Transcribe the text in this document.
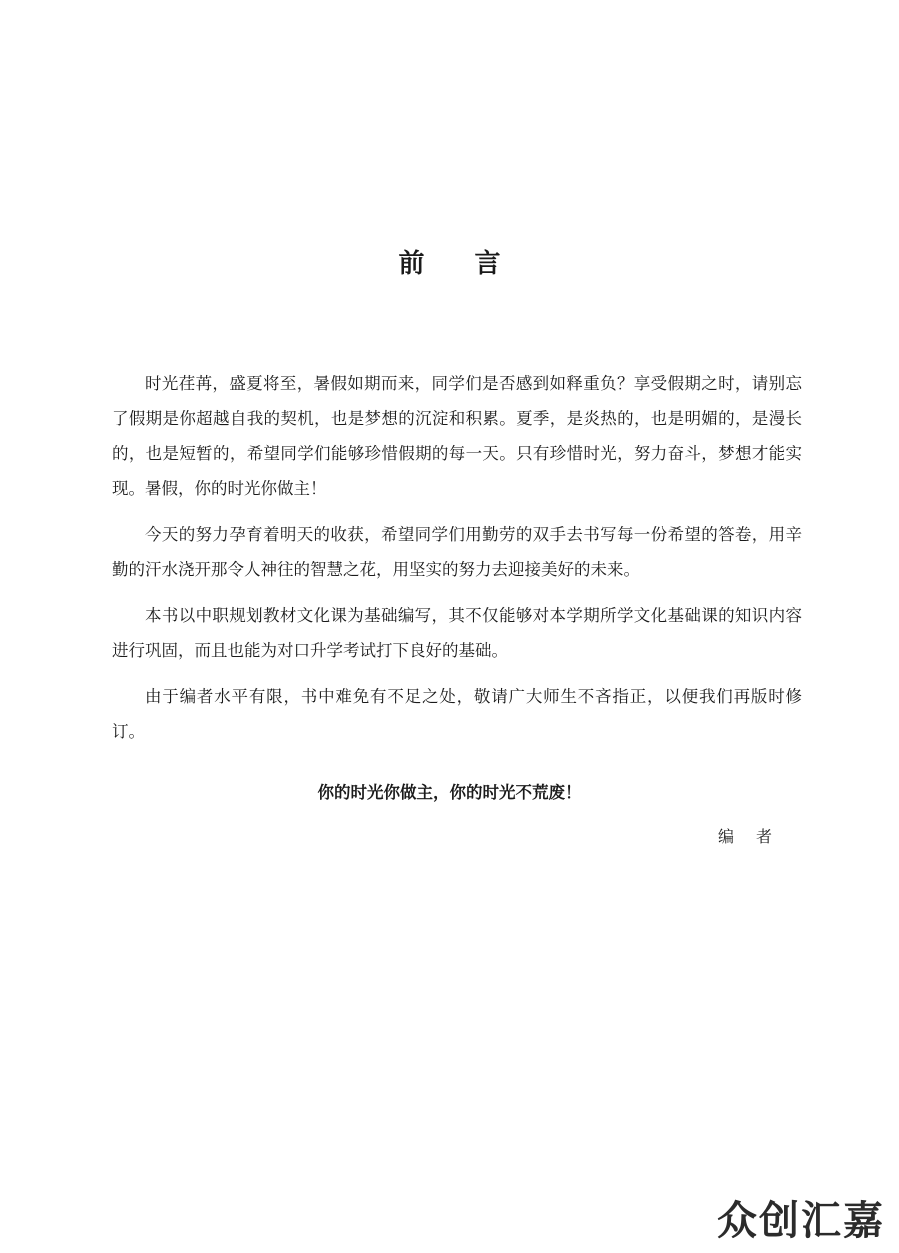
前言

时光荏苒，盛夏将至，暑假如期而来，同学们是否感到如释重负？享受假期之时，请别忘了假期是你超越自我的契机，也是梦想的沉淀和积累。夏季，是炎热的，也是明媚的，是漫长的，也是短暂的，希望同学们能够珍惜假期的每一天。只有珍惜时光，努力奋斗，梦想才能实现。暑假，你的时光你做主！

今天的努力孕育着明天的收获，希望同学们用勤劳的双手去书写每一份希望的答卷，用辛勤的汗水浇开那令人神往的智慧之花，用坚实的努力去迎接美好的未来。

本书以中职规划教材文化课为基础编写，其不仅能够对本学期所学文化基础课的知识内容进行巩固，而且也能为对口升学考试打下良好的基础。

由于编者水平有限，书中难免有不足之处，敬请广大师生不吝指正，以便我们再版时修订。

你的时光你做主，你的时光不荒废！
编者
众创汇嘉
